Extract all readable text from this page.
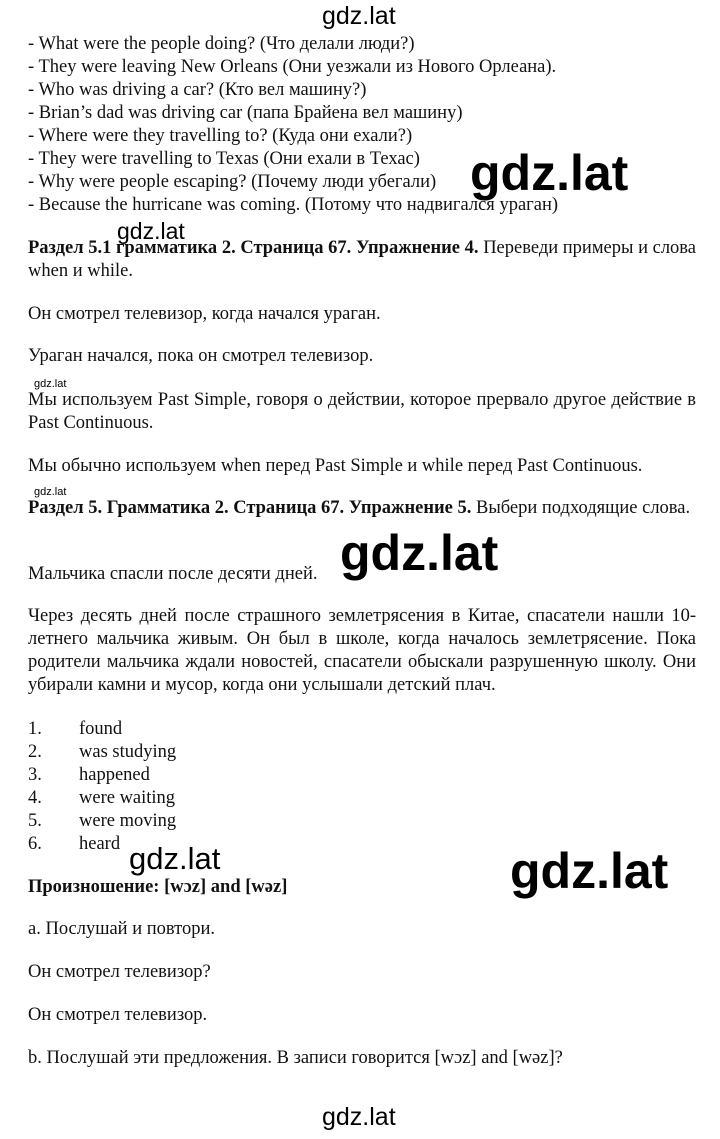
- What were the people doing? (Что делали люди?)
- They were leaving New Orleans (Они уезжали из Нового Орлеана).
- Who was driving a car? (Кто вел машину?)
- Brian’s dad was driving car (папа Брайена вел машину)
- Where were they travelling to? (Куда они ехали?)
- They were travelling to Texas (Они ехали в Техас)
- Why were people escaping? (Почему люди убегали)
- Because the hurricane was coming. (Потому что надвигался ураган)
Раздел 5.1 грамматика 2. Страница 67. Упражнение 4. Переведи примеры и слова when и while.
Он смотрел телевизор, когда начался ураган.
Ураган начался, пока он смотрел телевизор.
Мы используем Past Simple, говоря о действии, которое прервало другое действие в Past Continuous.
Мы обычно используем when перед Past Simple и while перед Past Continuous.
Раздел 5. Грамматика 2. Страница 67. Упражнение 5. Выбери подходящие слова.
Мальчика спасли после десяти дней.
Через десять дней после страшного землетрясения в Китае, спасатели нашли 10-летнего мальчика живым. Он был в школе, когда началось землетрясение. Пока родители мальчика ждали новостей, спасатели обыскали разрушенную школу. Они убирали камни и мусор, когда они услышали детский плач.
1. found
2. was studying
3. happened
4. were waiting
5. were moving
6. heard
Произношение: [wɔz] and [wəz]
a. Послушай и повтори.
Он смотрел телевизор?
Он смотрел телевизор.
b. Послушай эти предложения. В записи говорится [wɔz] and [wəz]?
gdz.lat
gdz.lat
gdz.lat
gdz.lat
gdz.lat
gdz.lat
gdz.lat
gdz.lat
gdz.lat
